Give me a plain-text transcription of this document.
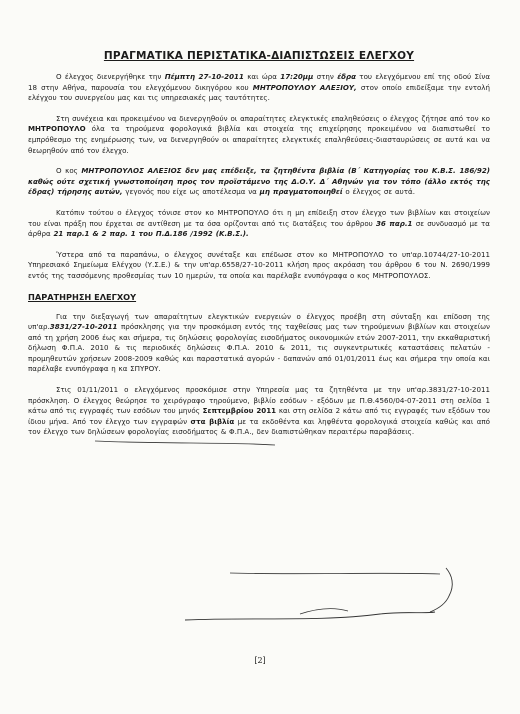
ΠΡΑΓΜΑΤΙΚΑ ΠΕΡΙΣΤΑΤΙΚΑ-ΔΙΑΠΙΣΤΩΣΕΙΣ ΕΛΕΓΧΟΥ

Ο έλεγχος διενεργήθηκε την Πέμπτη 27-10-2011 και ώρα 17:20μμ στην έδρα του ελεγχόμενου επί της οδού Σίνα 18 στην Αθήνα, παρουσία του ελεγχόμενου δικηγόρου κου ΜΗΤΡΟΠΟΥΛΟΥ ΑΛΕΞΙΟΥ, στον οποίο επιδείξαμε την εντολή ελέγχου του συνεργείου μας και τις υπηρεσιακές μας ταυτότητες.

Στη συνέχεια και προκειμένου να διενεργηθούν οι απαραίτητες ελεγκτικές επαληθεύσεις ο έλεγχος ζήτησε από τον κο ΜΗΤΡΟΠΟΥΛΟ όλα τα τηρούμενα φορολογικά βιβλία και στοιχεία της επιχείρησης προκειμένου να διαπιστωθεί το εμπρόθεσμο της ενημέρωσης των, να διενεργηθούν οι απαραίτητες ελεγκτικές επαληθεύσεις-διασταυρώσεις σε αυτά και να θεωρηθούν από τον έλεγχο.

Ο κος ΜΗΤΡΟΠΟΥΛΟΣ ΑΛΕΞΙΟΣ δεν μας επέδειξε, τα ζητηθέντα βιβλία (Β΄ Κατηγορίας του Κ.Β.Σ. 186/92) καθώς ούτε σχετική γνωστοποίηση προς τον προϊστάμενο της Δ.Ο.Υ. Δ΄ Αθηνών για τον τόπο (άλλο εκτός της έδρας) τήρησης αυτών, γεγονός που είχε ως αποτέλεσμα να μη πραγματοποιηθεί ο έλεγχος σε αυτά.

Κατόπιν τούτου ο έλεγχος τόνισε στον κο ΜΗΤΡΟΠΟΥΛΟ ότι η μη επίδειξη στον έλεγχο των βιβλίων και στοιχείων του είναι πράξη που έρχεται σε αντίθεση με τα όσα ορίζονται από τις διατάξεις του άρθρου 36 παρ.1 σε συνδυασμό με τα άρθρα 21 παρ.1 & 2 παρ. 1 του Π.Δ.186 /1992 (Κ.Β.Σ.).

Ύστερα από τα παραπάνω, ο έλεγχος συνέταξε και επέδωσε στον κο ΜΗΤΡΟΠΟΥΛΟ το υπ'αρ.10744/27-10-2011 Υπηρεσιακό Σημείωμα Ελέγχου (Υ.Σ.Ε.) & την υπ'αρ.6558/27-10-2011 κλήση προς ακρόαση του άρθρου 6 του Ν. 2690/1999 εντός της τασσόμενης προθεσμίας των 10 ημερών, τα οποία και παρέλαβε ενυπόγραφα ο κος ΜΗΤΡΟΠΟΥΛΟΣ.

ΠΑΡΑΤΗΡΗΣΗ ΕΛΕΓΧΟΥ

Για την διεξαγωγή των απαραίτητων ελεγκτικών ενεργειών ο έλεγχος προέβη στη σύνταξη και επίδοση της υπ'αρ.3831/27-10-2011 πρόσκλησης για την προσκόμιση εντός της ταχθείσας μας των τηρούμενων βιβλίων και στοιχείων από τη χρήση 2006 έως και σήμερα, τις δηλώσεις φορολογίας εισοδήματος οικονομικών ετών 2007-2011, την εκκαθαριστική δήλωση Φ.Π.Α. 2010 & τις περιοδικές δηλώσεις Φ.Π.Α. 2010 & 2011, τις συγκεντρωτικές καταστάσεις πελατών - προμηθευτών χρήσεων 2008-2009 καθώς και παραστατικά αγορών - δαπανών από 01/01/2011 έως και σήμερα την οποία και παρέλαβε ενυπόγραφα η κα ΣΠΥΡΟΥ.

Στις 01/11/2011 ο ελεγχόμενος προσκόμισε στην Υπηρεσία μας τα ζητηθέντα με την υπ'αρ.3831/27-10-2011 πρόσκληση. Ο έλεγχος θεώρησε το χειρόγραφο τηρούμενο, βιβλίο εσόδων - εξόδων με Π.Θ.4560/04-07-2011 στη σελίδα 1 κάτω από τις εγγραφές των εσόδων του μηνός Σεπτεμβρίου 2011 και στη σελίδα 2 κάτω από τις εγγραφές των εξόδων του ίδιου μήνα. Από τον έλεγχο των εγγραφών στα βιβλία με τα εκδοθέντα και ληφθέντα φορολογικά στοιχεία καθώς και από τον έλεγχο των δηλώσεων φορολογίας εισοδήματος & Φ.Π.Α., δεν διαπιστώθηκαν περαιτέρω παραβάσεις.

[2]
